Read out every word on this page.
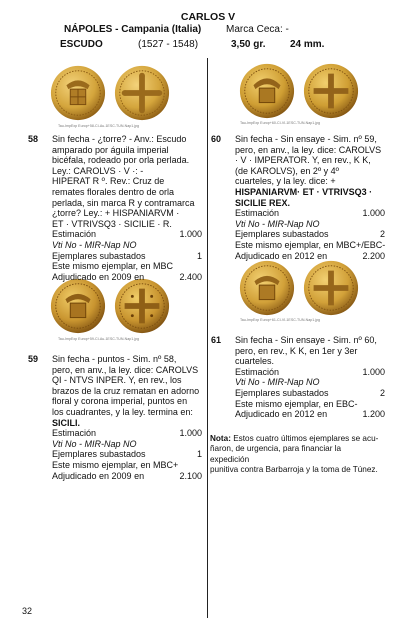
CARLOS V
NÁPOLES - Campania (Italia) Marca Ceca: -
ESCUDO	(1527 - 1548)	3,50 gr. 24 mm.
Tau-ImpExp Europ+58-CI-Au-1ESC-TUN-Nap1.jpg
Tau-ImpExp Europ+60-CI-VI-1ESC-TUN-Nap1.jpg
Tau-ImpExp Europ+59-CI-Au-1ESC-TUN-Nap1.jpg
Tau-ImpExp Europ+61-CI-VI-1ESC-TUN-Nap1.jpg
58 Sin fecha - ¿torre? - Anv.: Escudo
amparado por águila imperial
bicéfala, rodeado por orla perlada.
Ley.: CAROLVS · V ·: -
HIPERAT R º. Rev.: Cruz de
remates florales dentro de orla
perlada, sin marca R y contramarca
¿torre? Ley.: + HISPANIARVM ·
ET · VTRIVSQ3 · SICILIE · R.
Estimación	1.000
Vti No - MIR-Nap NO
Ejemplares subastados	1
Este mismo ejemplar, en MBC
Adjudicado en 2009 en	2.400
59 Sin fecha - puntos - Sim. nº 58,
pero, en anv., la ley. dice: CAROLVS
QI - NTVS INPER. Y, en rev., los
brazos de la cruz rematan en adorno
floral y corona imperial, puntos en
los cuadrantes, y la ley. termina en:
SICILI.
Estimación	1.000
Vti No - MIR-Nap NO
Ejemplares subastados	1
Este mismo ejemplar, en MBC+
Adjudicado en 2009 en	2.100
60 Sin fecha - Sin ensaye - Sim. nº 59,
pero, en anv., la ley. dice: CAROLVS
· V · IMPERATOR. Y, en rev., K K,
(de KAROLVS), en 2º y 4º
cuarteles, y la ley. dice: +
HISPANIARVM· ET · VTRIVSQ3 ·
SICILIE REX.
Estimación	1.000
Vti No - MIR-Nap NO
Ejemplares subastados	2
Este mismo ejemplar, en MBC+/EBC-
Adjudicado en 2012 en	2.200
61 Sin fecha - Sin ensaye - Sim. nº 60,
pero, en rev., K K, en 1er y 3er
cuarteles.
Estimación	1.000
Vti No - MIR-Nap NO
Ejemplares subastados	2
Este mismo ejemplar, en EBC-
Adjudicado en 2012 en	1.200
Nota: Estos cuatro últimos ejemplares se acu-
ñaron, de urgencia, para financiar la expedición
punitiva contra Barbarroja y la toma de Túnez.
32
